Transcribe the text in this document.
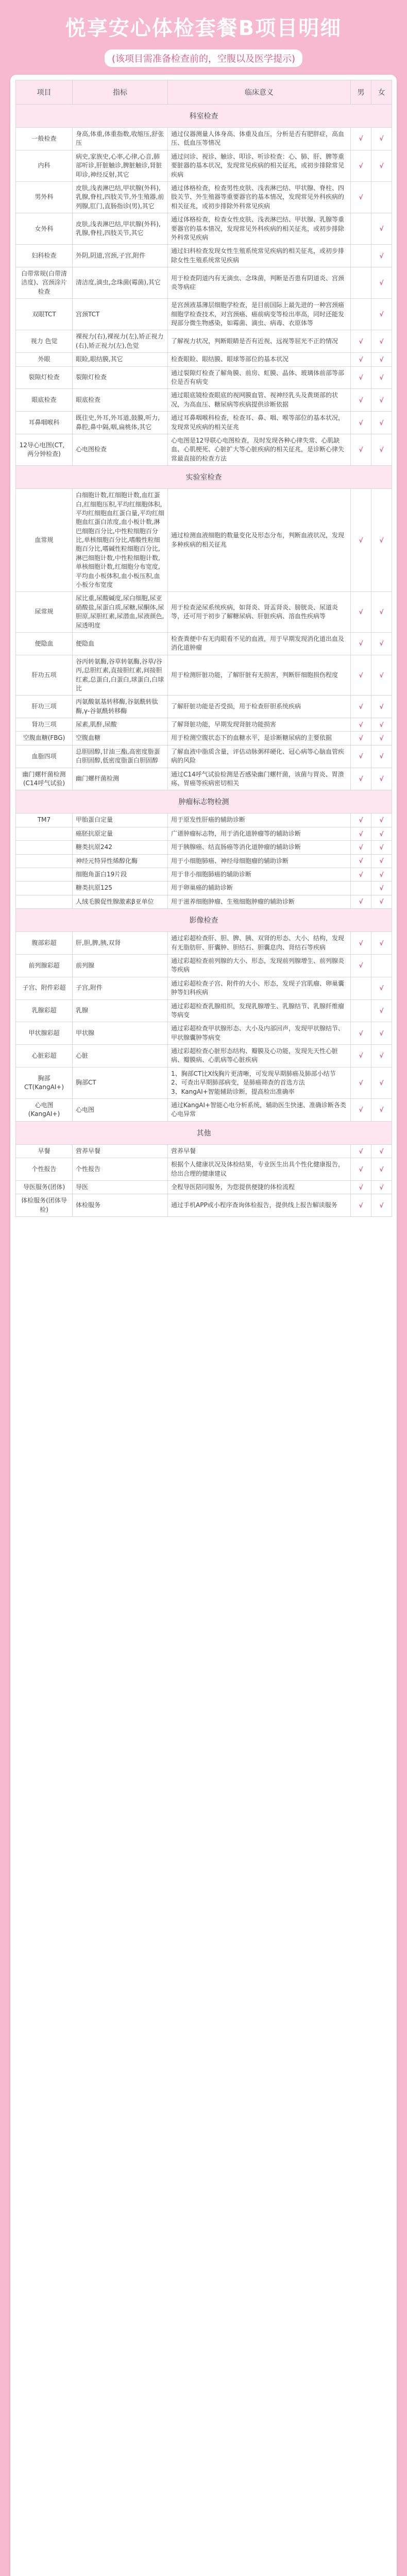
悦享安心体检套餐B项目明细
(该项目需准备检查前的，空腹以及医学提示)
项目	指标	临床意义	男	女
科室检查				
一般检查	身高,体重,体重指数,收缩压,舒张压	通过仪器测量人体身高、体重及血压，分析是否有肥胖症，高血压、低血压等情况	√	√
内科	病史,家族史,心率,心律,心音,肺部听诊,肝脏触诊,脾脏触诊,肾脏叩诊,神经反射,其它	通过问诊、视诊、触诊、叩诊、听诊检查：心、肺、肝、脾等重要脏器的基本状况，发现常见疾病的相关征兆，或初步排除常见疾病	√	√
男外科	皮肤,浅表淋巴结,甲状腺(外科),乳腺,脊柱,四肢关节,外生殖器,前列腺,肛门,直肠指诊(男),其它	通过体格检查，检查男性皮肤、浅表淋巴结、甲状腺、脊柱、四肢关节、外生殖器等重要器官的基本情况，发现常见外科疾病的相关征兆，或初步排除外科常见疾病	√	
女外科	皮肤,浅表淋巴结,甲状腺(外科),乳腺,脊柱,四肢关节,其它	通过体格检查，检查女性皮肤、浅表淋巴结、甲状腺、乳腺等重要器官的基本情况，发现常见外科疾病的相关征兆，或初步排除外科常见疾病		√
妇科检查	外阴,阴道,宫颈,子宫,附件	通过妇科检查发现女性生殖系统常见疾病的相关征兆，或初步排除女性生殖系统常见疾病		√
白带常规(白带清洁度)、宫颈涂片检查	清洁度,滴虫,念珠菌(霉菌),其它	用于检查阴道内有无滴虫、念珠菌，判断是否患有阴道炎、宫颈炎等病症		√
双眼TCT	宫颈TCT	是宫颈液基薄层细胞学检查，是目前国际上最先进的一种宫颈癌细胞学检查技术，对宫颈癌、癌前病变等检出率高，同时还能发现部分微生物感染，如霉菌、滴虫、病毒、衣原体等		√
视力 色觉	裸视力(右),裸视力(左),矫正视力(右),矫正视力(左),色觉	了解视力状况，判断眼睛是否有近视、远视等屈光不正的情况	√	√
外眼	眼睑,眼结膜,其它	检查眼睑、眼结膜、眼球等部位的基本状况	√	√
裂隙灯检查	裂隙灯检查	通过裂隙灯检查了解角膜、前房、虹膜、晶体、玻璃体前部等部位是否有病变	√	√
眼底检查	眼底检查	通过眼底镜检查眼底的视网膜血管、视神经乳头及黄斑部的状况，为高血压、糖尿病等疾病提供诊断依据	√	√
耳鼻咽喉科	既往史,外耳,外耳道,鼓膜,听力,鼻腔,鼻中隔,咽,扁桃体,其它	通过耳鼻咽喉科检查，检查耳、鼻、咽、喉等部位的基本状况，发现常见疾病的相关征兆	√	√
12导心电图(CT，两分钟检查)	心电图检查	心电图是12导联心电图检查，及时发现各种心律失常、心肌缺血、心肌梗死、心脏扩大等心脏疾病的相关征兆，是诊断心律失常最直接的检查方法	√	√
实验室检查				
血常规	白细胞计数,红细胞计数,血红蛋白,红细胞压积,平均红细胞体积,平均红细胞血红蛋白量,平均红细胞血红蛋白浓度,血小板计数,淋巴细胞百分比,中性粒细胞百分比,单核细胞百分比,嗜酸性粒细胞百分比,嗜碱性粒细胞百分比,淋巴细胞计数,中性粒细胞计数,单核细胞计数,红细胞分布宽度,平均血小板体积,血小板压积,血小板分布宽度	通过检测血液细胞的数量变化及形态分布，判断血液状况，发现多种疾病的相关征兆	√	√
尿常规	尿比重,尿酸碱度,尿白细胞,尿亚硝酸盐,尿蛋白质,尿糖,尿酮体,尿胆原,尿胆红素,尿潜血,尿液颜色,尿透明度	用于检查泌尿系统疾病，如肾炎、肾盂肾炎、膀胱炎、尿道炎等，还可用于初步了解糖尿病、肝脏疾病、溶血性疾病等	√	√
便隐血	便隐血	检查粪便中有无肉眼看不见的血液，用于早期发现消化道出血及消化道肿瘤	√	√
肝功五项	谷丙转氨酶,谷草转氨酶,谷草/谷丙,总胆红素,直接胆红素,间接胆红素,总蛋白,白蛋白,球蛋白,白球比	用于检测肝脏功能，了解肝脏有无损害，判断肝细胞损伤程度	√	√
肝功三项	丙氨酸氨基转移酶,谷氨酰转肽酶,γ-谷氨酰转移酶	了解肝脏功能是否受损，用于检查肝胆系统疾病	√	√
肾功三项	尿素,肌酐,尿酸	了解肾脏功能，早期发现肾脏功能损害	√	√
空腹血糖(FBG)	空腹血糖	用于检测空腹状态下的血糖水平，是诊断糖尿病的主要依据	√	√
血脂四项	总胆固醇,甘油三酯,高密度脂蛋白胆固醇,低密度脂蛋白胆固醇	了解血液中脂质含量，评估动脉粥样硬化、冠心病等心脑血管疾病的风险	√	√
幽门螺杆菌检测(C14呼气试验)	幽门螺杆菌检测	通过C14呼气试验检测是否感染幽门螺杆菌，该菌与胃炎、胃溃疡、胃癌等疾病密切相关	√	√
肿瘤标志物检测				
TM7	甲胎蛋白定量	用于原发性肝癌的辅助诊断	√	√
	癌胚抗原定量	广谱肿瘤标志物，用于消化道肿瘤等的辅助诊断	√	√
	糖类抗原242	用于胰腺癌、结直肠癌等消化道肿瘤的辅助诊断	√	√
	神经元特异性烯醇化酶	用于小细胞肺癌、神经母细胞瘤的辅助诊断	√	√
	细胞角蛋白19片段	用于非小细胞肺癌的辅助诊断	√	√
	糖类抗原125	用于卵巢癌的辅助诊断		√
	人绒毛膜促性腺激素β亚单位	用于滋养细胞肿瘤、生殖细胞肿瘤的辅助诊断	√	√
影像检查				
腹部彩超	肝,胆,脾,胰,双肾	通过彩超检查肝、胆、脾、胰、双肾的形态、大小、结构，发现有无脂肪肝、肝囊肿、胆结石、胆囊息肉、肾结石等疾病	√	√
前列腺彩超	前列腺	通过彩超检查前列腺的大小、形态，发现前列腺增生、前列腺炎等疾病	√	
子宫、附件彩超	子宫,附件	通过彩超检查子宫、附件的大小、形态，发现子宫肌瘤、卵巢囊肿等妇科疾病		√
乳腺彩超	乳腺	通过彩超检查乳腺组织，发现乳腺增生、乳腺结节、乳腺纤维瘤等病变		√
甲状腺彩超	甲状腺	通过彩超检查甲状腺形态、大小及内部回声，发现甲状腺结节、甲状腺囊肿等病变	√	√
心脏彩超	心脏	通过彩超检查心脏形态结构、瓣膜及心功能，发现先天性心脏病、瓣膜病、心肌病等心脏疾病	√	√
胸部CT(KangAI+)	胸部CT	1、胸部CT比X线胸片更清晰，可发现早期肺癌及肺部小结节
2、可查出早期肺部病变，是肺癌筛查的首选方法
3、KangAI+智能辅助诊断，提高检出准确率	√	√
心电图(KangAI+)	心电图	通过KangAI+智能心电分析系统，辅助医生快速、准确诊断各类心电异常	√	√
其他				
早餐	营养早餐	营养早餐	√	√
个性报告	个性报告	根据个人健康状况及体检结果，专业医生出具个性化健康报告，给出合理的健康建议	√	√
导医服务(团体)	导医	全程导医陪同服务，为您提供便捷的体检流程	√	√
体检服务(团体导检)	体检服务	通过手机APP或小程序查询体检报告，提供线上报告解读服务	√	√
